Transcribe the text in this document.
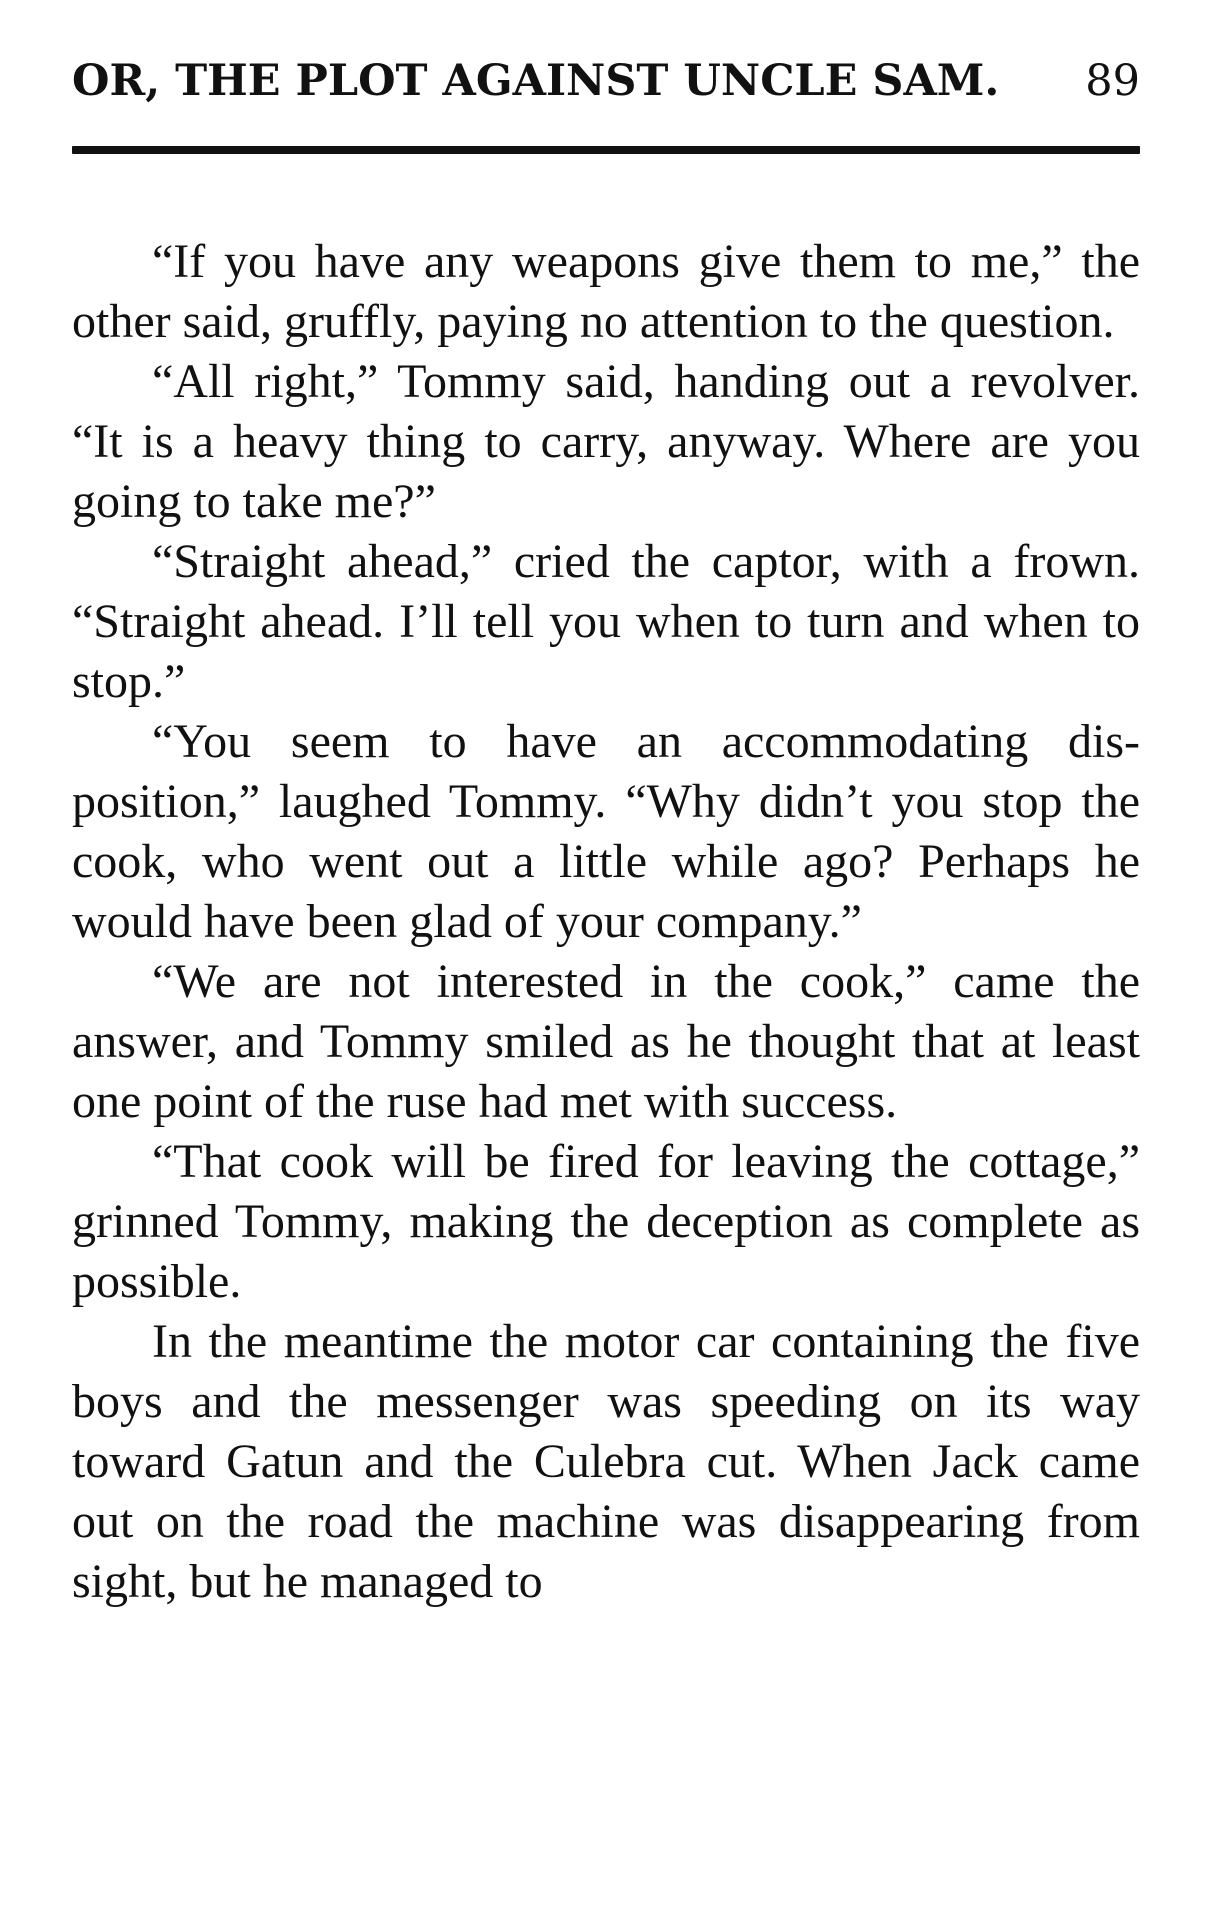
OR, THE PLOT AGAINST UNCLE SAM. 89

“If you have any weapons give them to me,” the other said, gruffly, paying no attention to the question.

“All right,” Tommy said, handing out a revolver. “It is a heavy thing to carry, anyway. Where are you going to take me?”

“Straight ahead,” cried the captor, with a frown. “Straight ahead. I’ll tell you when to turn and when to stop.”

“You seem to have an accommodating disposition,” laughed Tommy. “Why didn’t you stop the cook, who went out a little while ago? Perhaps he would have been glad of your company.”

“We are not interested in the cook,” came the answer, and Tommy smiled as he thought that at least one point of the ruse had met with success.

“That cook will be fired for leaving the cottage,” grinned Tommy, making the deception as complete as possible.

In the meantime the motor car containing the five boys and the messenger was speeding on its way toward Gatun and the Culebra cut. When Jack came out on the road the machine was disappearing from sight, but he managed to
